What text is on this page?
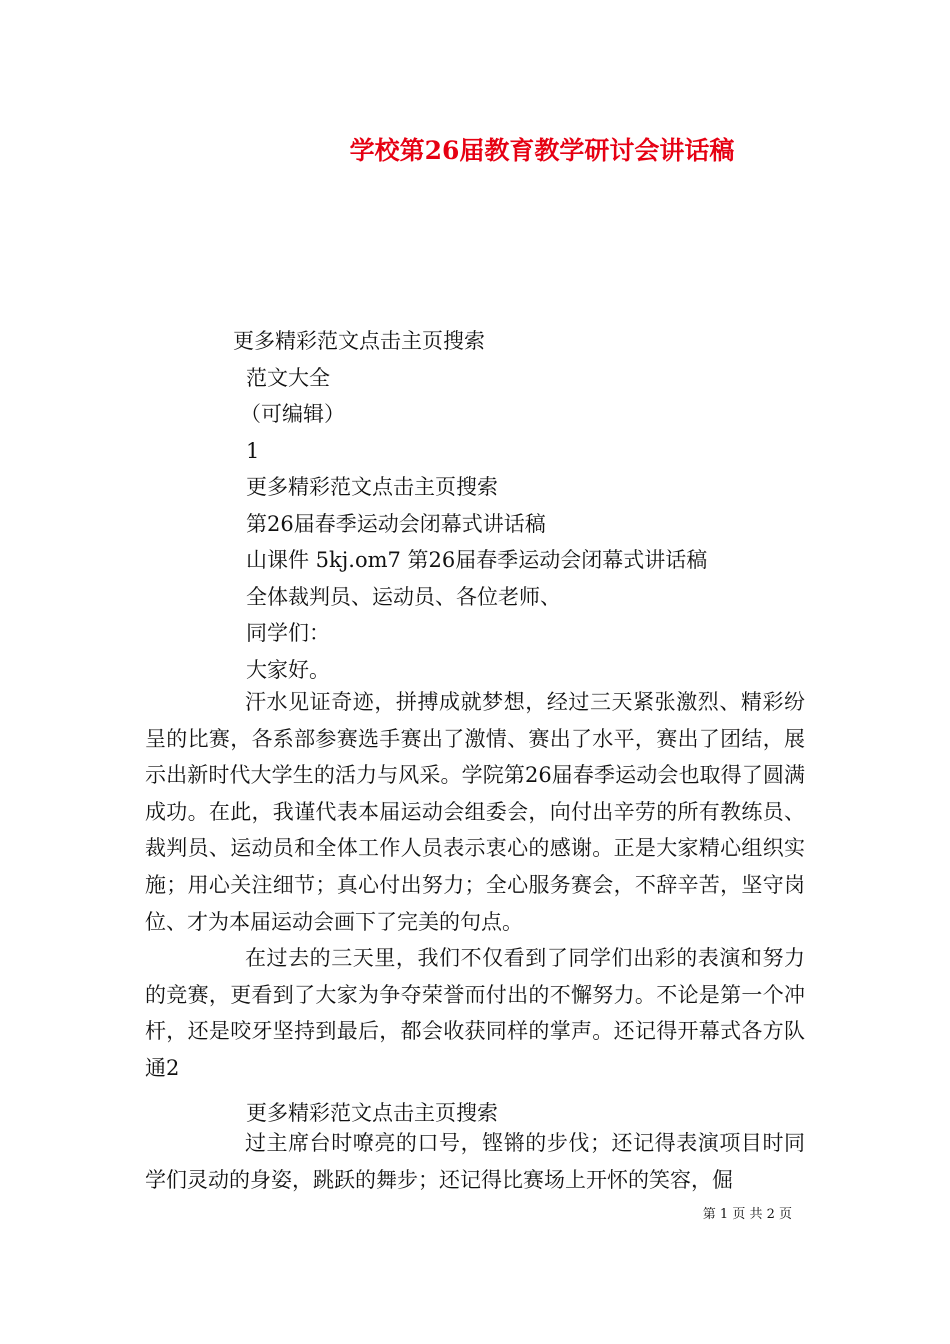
学校第26届教育教学研讨会讲话稿
更多精彩范文点击主页搜索
范文大全
（可编辑）
1
更多精彩范文点击主页搜索
第26届春季运动会闭幕式讲话稿
山课件 5kj.om7 第26届春季运动会闭幕式讲话稿
全体裁判员、运动员、各位老师、
同学们：
大家好。
汗水见证奇迹，拼搏成就梦想，经过三天紧张激烈、精彩纷呈的比赛，各系部参赛选手赛出了激情、赛出了水平，赛出了团结，展示出新时代大学生的活力与风采。学院第26届春季运动会也取得了圆满成功。在此，我谨代表本届运动会组委会，向付出辛劳的所有教练员、裁判员、运动员和全体工作人员表示衷心的感谢。正是大家精心组织实施；用心关注细节；真心付出努力；全心服务赛会，不辞辛苦，坚守岗位、才为本届运动会画下了完美的句点。
在过去的三天里，我们不仅看到了同学们出彩的表演和努力的竞赛，更看到了大家为争夺荣誉而付出的不懈努力。不论是第一个冲杆，还是咬牙坚持到最后，都会收获同样的掌声。还记得开幕式各方队通2
更多精彩范文点击主页搜索
过主席台时嘹亮的口号，铿锵的步伐；还记得表演项目时同学们灵动的身姿，跳跃的舞步；还记得比赛场上开怀的笑容，倔
第 1 页 共 2 页
